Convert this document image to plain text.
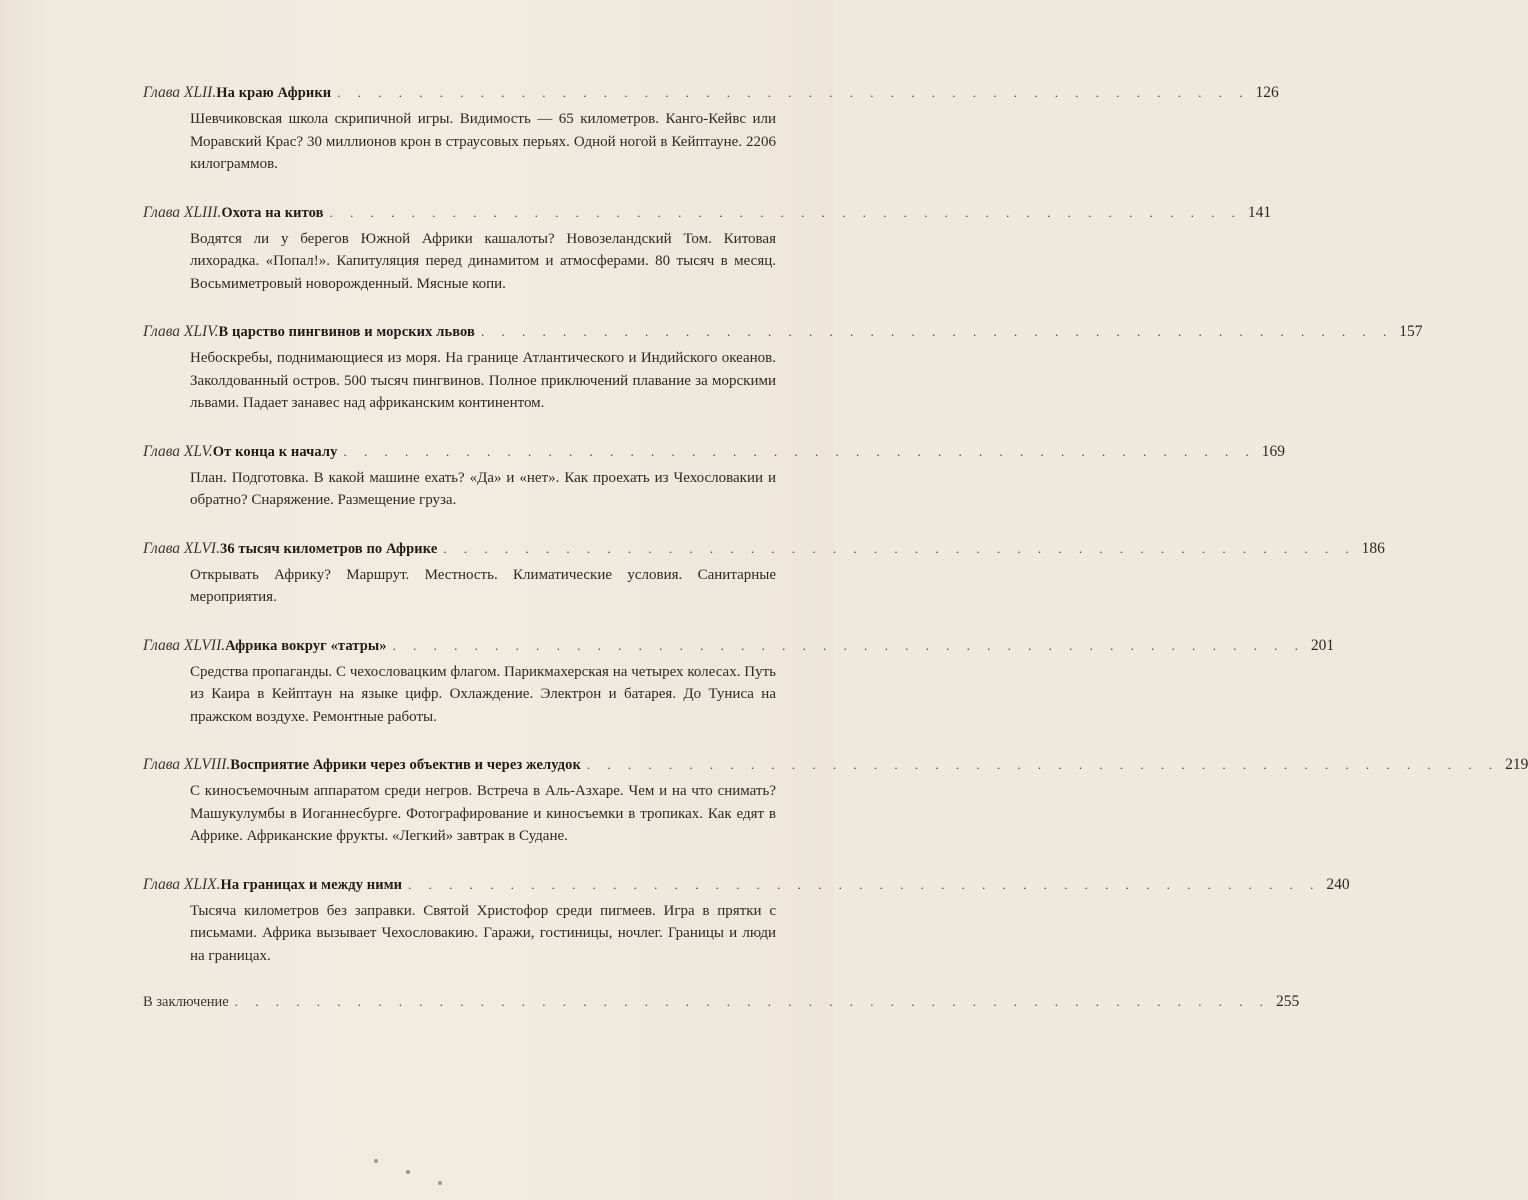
Глава XLII. На краю Африки . . . . . . . . . . . . . . . . . . . . . . . . . . . . . . . . . . . . . . . . . . . . . 126
Шевчиковская школа скрипичной игры. Видимость — 65 километров. Канго-Кейвс или Моравский Крас? 30 миллионов крон в страусовых перьях. Одной ногой в Кейптауне. 2206 килограммов.
Глава XLIII. Охота на китов . . . . . . . . . . . . . . . . . . . . . . . . . . . . . . . . . . . . . . . . . . . . . 141
Водятся ли у берегов Южной Африки кашалоты? Новозеландский Том. Китовая лихорадка. «Попал!». Капитуляция перед динамитом и атмосферами. 80 тысяч в месяц. Восьмиметровый новорожденный. Мясные копи.
Глава XLIV. В царство пингвинов и морских львов . . . . . . . . . . . . . . . . . . . . . . . . . . . . . . . . . . . . . . . . . . . . . 157
Небоскребы, поднимающиеся из моря. На границе Атлантического и Индийского океанов. Заколдованный остров. 500 тысяч пингвинов. Полное приключений плавание за морскими львами. Падает занавес над африканским континентом.
Глава XLV. От конца к началу . . . . . . . . . . . . . . . . . . . . . . . . . . . . . . . . . . . . . . . . . . . . . 169
План. Подготовка. В какой машине ехать? «Да» и «нет». Как проехать из Чехословакии и обратно? Снаряжение. Размещение груза.
Глава XLVI. 36 тысяч километров по Африке . . . . . . . . . . . . . . . . . . . . . . . . . . . . . . . . . . . . . . . . . . . . . 186
Открывать Африку? Маршрут. Местность. Климатические условия. Санитарные мероприятия.
Глава XLVII. Африка вокруг «татры» . . . . . . . . . . . . . . . . . . . . . . . . . . . . . . . . . . . . . . . . . . . . . 201
Средства пропаганды. С чехословацким флагом. Парикмахерская на четырех колесах. Путь из Каира в Кейптаун на языке цифр. Охлаждение. Электрон и батарея. До Туниса на пражском воздухе. Ремонтные работы.
Глава XLVIII. Восприятие Африки через объектив и через желудок . . . . . . . . . . . . . . . . . . . . . . . . . . . . . . . . . . . . . . . . . . . . . 219
С киносъемочным аппаратом среди негров. Встреча в Аль-Азхаре. Чем и на что снимать? Машукулумбы в Иоганнесбурге. Фотографирование и киносъемки в тропиках. Как едят в Африке. Африканские фрукты. «Легкий» завтрак в Судане.
Глава XLIX. На границах и между ними . . . . . . . . . . . . . . . . . . . . . . . . . . . . . . . . . . . . . . . . . . . . . 240
Тысяча километров без заправки. Святой Христофор среди пигмеев. Игра в прятки с письмами. Африка вызывает Чехословакию. Гаражи, гостиницы, ночлег. Границы и люди на границах.
В заключение . . . . . . . . . . . . . . . . . . . . . . . . . . . . . . . . . . . . . . . . . . . . . . . . . . . 255
